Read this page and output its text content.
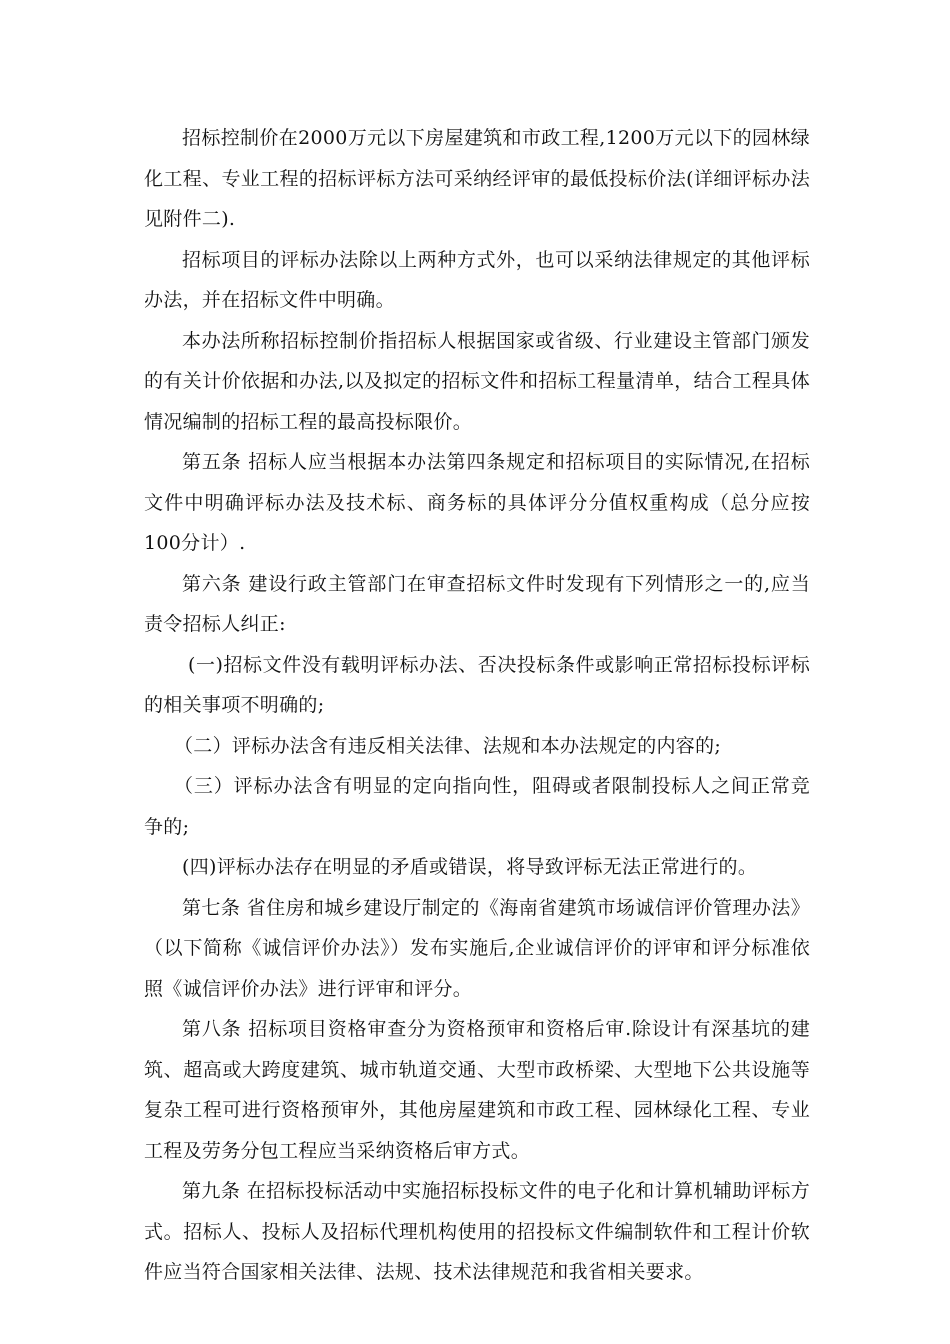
招标控制价在2000万元以下房屋建筑和市政工程,1200万元以下的园林绿化工程、专业工程的招标评标方法可采纳经评审的最低投标价法(详细评标办法见附件二).

招标项目的评标办法除以上两种方式外，也可以采纳法律规定的其他评标办法，并在招标文件中明确。

本办法所称招标控制价指招标人根据国家或省级、行业建设主管部门颁发的有关计价依据和办法,以及拟定的招标文件和招标工程量清单，结合工程具体情况编制的招标工程的最高投标限价。

第五条 招标人应当根据本办法第四条规定和招标项目的实际情况,在招标文件中明确评标办法及技术标、商务标的具体评分分值权重构成（总分应按100分计）.

第六条 建设行政主管部门在审查招标文件时发现有下列情形之一的,应当责令招标人纠正:

(一)招标文件没有载明评标办法、否决投标条件或影响正常招标投标评标的相关事项不明确的;

（二）评标办法含有违反相关法律、法规和本办法规定的内容的;

（三）评标办法含有明显的定向指向性，阻碍或者限制投标人之间正常竞争的;

(四)评标办法存在明显的矛盾或错误，将导致评标无法正常进行的。

第七条 省住房和城乡建设厅制定的《海南省建筑市场诚信评价管理办法》（以下简称《诚信评价办法》）发布实施后,企业诚信评价的评审和评分标准依照《诚信评价办法》进行评审和评分。

第八条 招标项目资格审查分为资格预审和资格后审.除设计有深基坑的建筑、超高或大跨度建筑、城市轨道交通、大型市政桥梁、大型地下公共设施等复杂工程可进行资格预审外，其他房屋建筑和市政工程、园林绿化工程、专业工程及劳务分包工程应当采纳资格后审方式。

第九条 在招标投标活动中实施招标投标文件的电子化和计算机辅助评标方式。招标人、投标人及招标代理机构使用的招投标文件编制软件和工程计价软件应当符合国家相关法律、法规、技术法律规范和我省相关要求。
